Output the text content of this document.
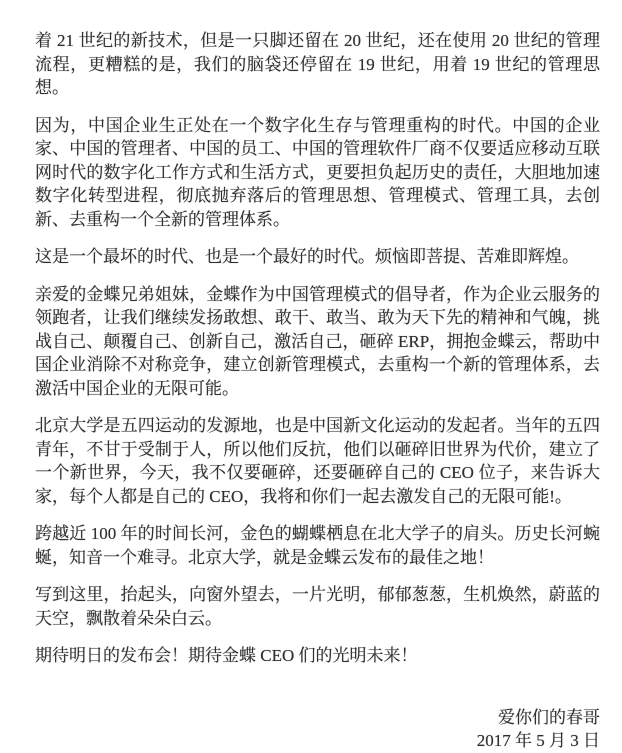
着 21 世纪的新技术，但是一只脚还留在 20 世纪，还在使用 20 世纪的管理流程，更糟糕的是，我们的脑袋还停留在 19 世纪，用着 19 世纪的管理思想。

因为，中国企业生正处在一个数字化生存与管理重构的时代。中国的企业家、中国的管理者、中国的员工、中国的管理软件厂商不仅要适应移动互联网时代的数字化工作方式和生活方式，更要担负起历史的责任，大胆地加速数字化转型进程，彻底抛弃落后的管理思想、管理模式、管理工具，去创新、去重构一个全新的管理体系。

这是一个最坏的时代、也是一个最好的时代。烦恼即菩提、苦难即辉煌。

亲爱的金蝶兄弟姐妹，金蝶作为中国管理模式的倡导者，作为企业云服务的领跑者，让我们继续发扬敢想、敢干、敢当、敢为天下先的精神和气魄，挑战自己、颠覆自己、创新自己，激活自己，砸碎 ERP，拥抱金蝶云，帮助中国企业消除不对称竞争，建立创新管理模式，去重构一个新的管理体系，去激活中国企业的无限可能。

北京大学是五四运动的发源地，也是中国新文化运动的发起者。当年的五四青年，不甘于受制于人，所以他们反抗，他们以砸碎旧世界为代价，建立了一个新世界，今天，我不仅要砸碎，还要砸碎自己的 CEO 位子，来告诉大家，每个人都是自己的 CEO，我将和你们一起去激发自己的无限可能!。

跨越近 100 年的时间长河，金色的蝴蝶栖息在北大学子的肩头。历史长河蜿蜒，知音一个难寻。北京大学，就是金蝶云发布的最佳之地！

写到这里，抬起头，向窗外望去，一片光明，郁郁葱葱，生机焕然，蔚蓝的天空，飘散着朵朵白云。

期待明日的发布会！期待金蝶 CEO 们的光明未来！

爱你们的春哥
2017 年 5 月 3 日
